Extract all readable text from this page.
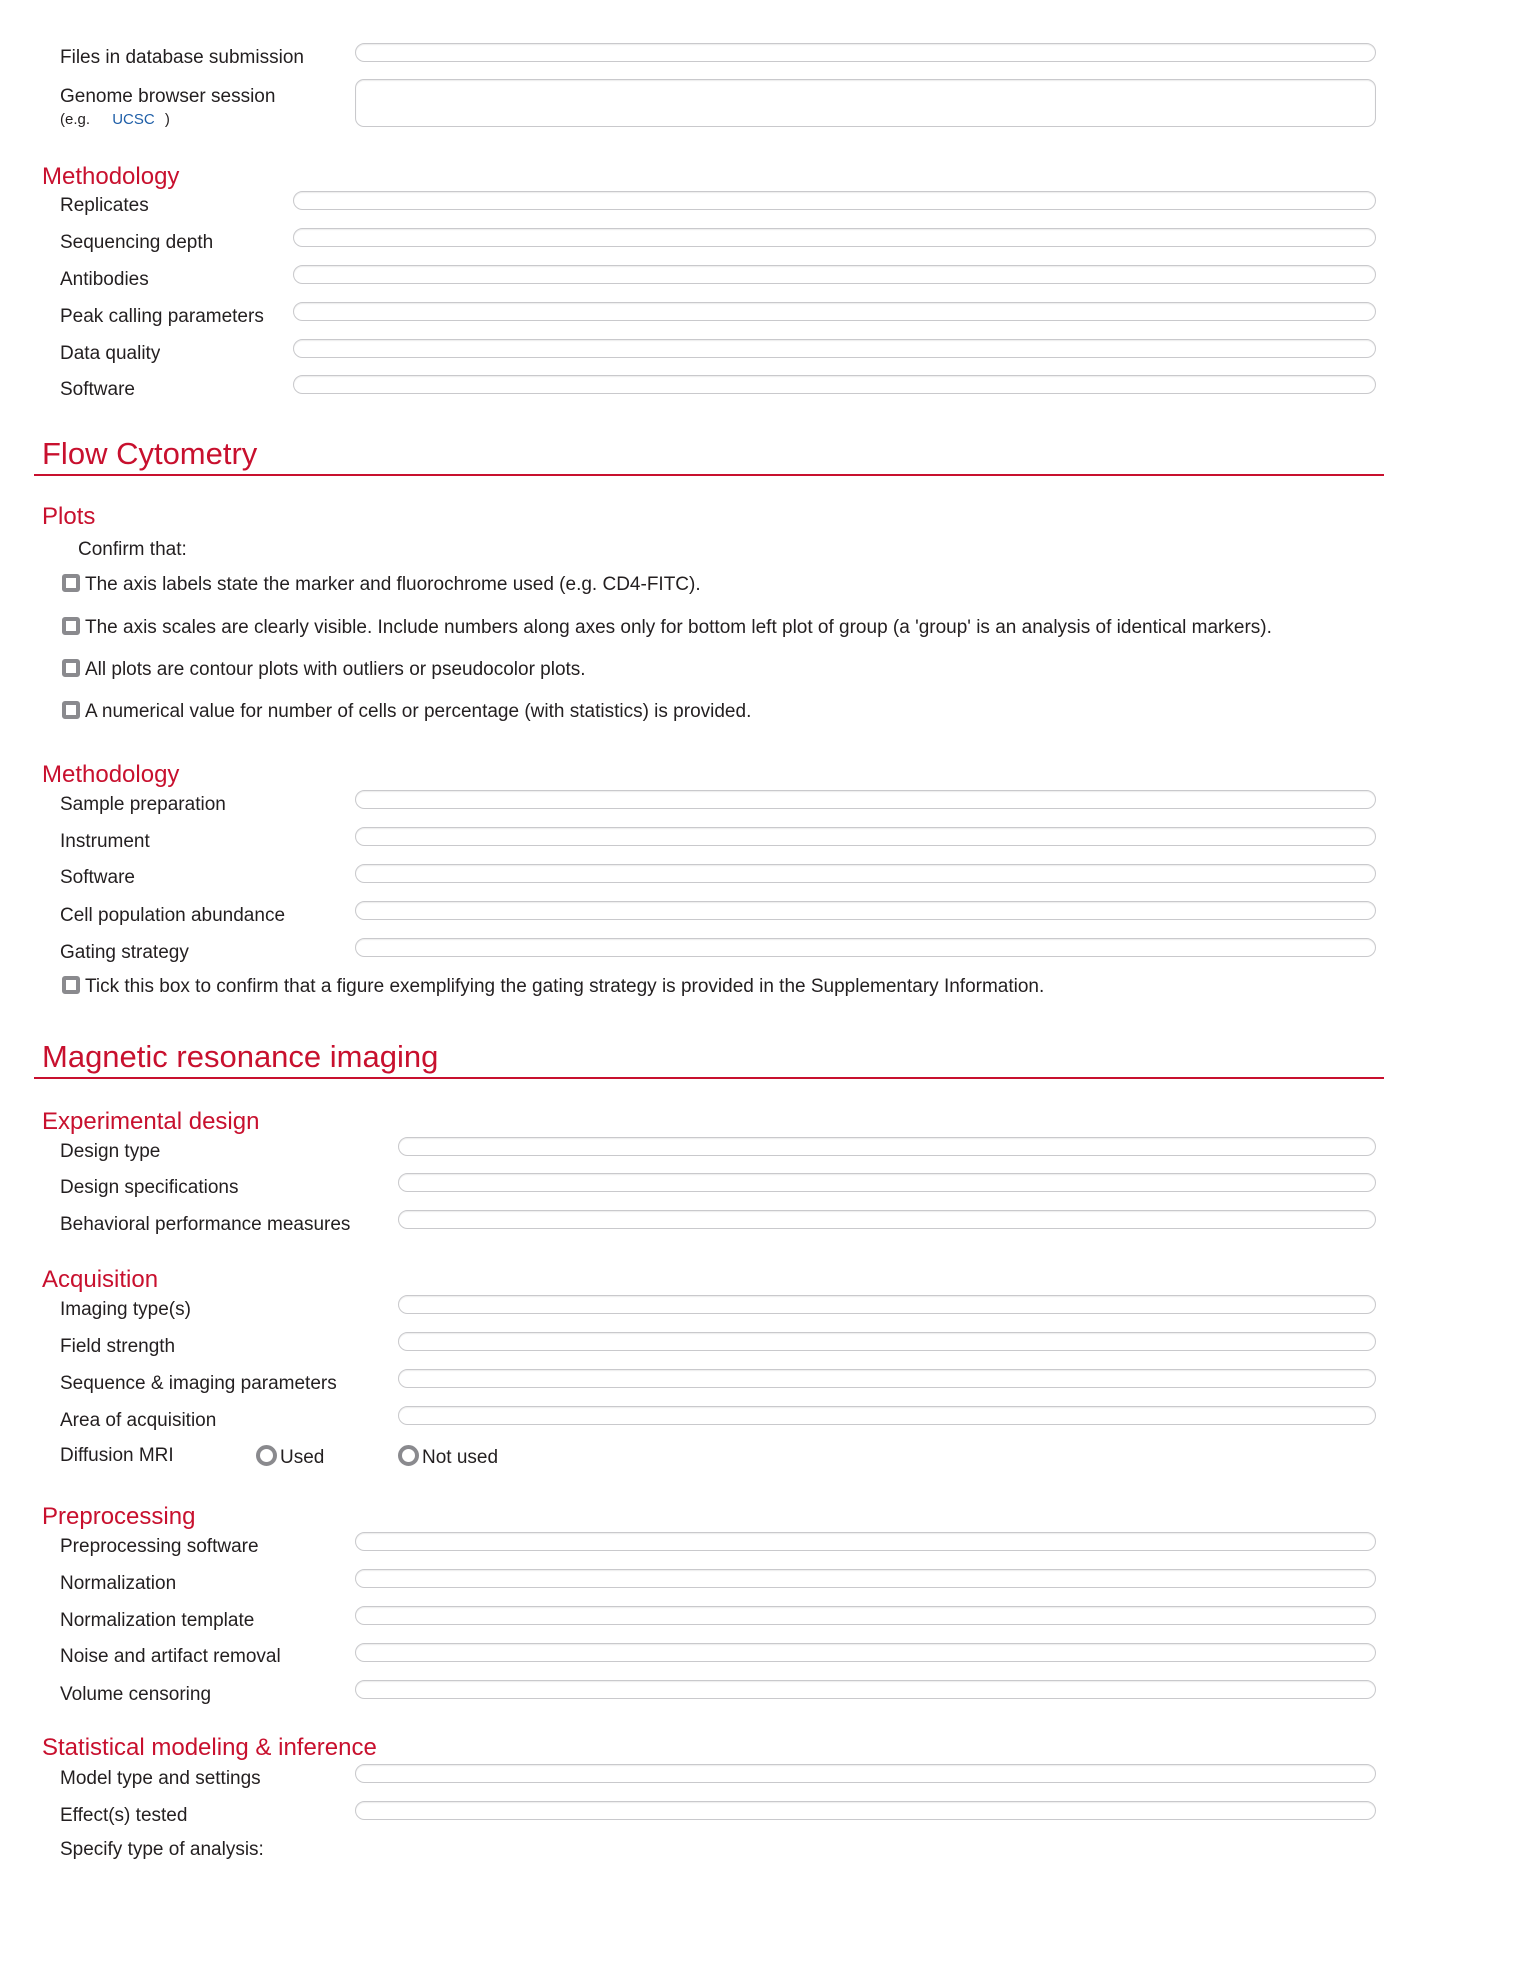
Files in database submission
Genome browser session
(e.g. UCSC )
Methodology
Replicates
Sequencing depth
Antibodies
Peak calling parameters
Data quality
Software
Flow Cytometry
Plots
Confirm that:
The axis labels state the marker and fluorochrome used (e.g. CD4-FITC).
The axis scales are clearly visible. Include numbers along axes only for bottom left plot of group (a 'group' is an analysis of identical markers).
All plots are contour plots with outliers or pseudocolor plots.
A numerical value for number of cells or percentage (with statistics) is provided.
Methodology
Sample preparation
Instrument
Software
Cell population abundance
Gating strategy
Tick this box to confirm that a figure exemplifying the gating strategy is provided in the Supplementary Information.
Magnetic resonance imaging
Experimental design
Design type
Design specifications
Behavioral performance measures
Acquisition
Imaging type(s)
Field strength
Sequence & imaging parameters
Area of acquisition
Diffusion MRI	Used	Not used
Preprocessing
Preprocessing software
Normalization
Normalization template
Noise and artifact removal
Volume censoring
Statistical modeling & inference
Model type and settings
Effect(s) tested
Specify type of analysis:
